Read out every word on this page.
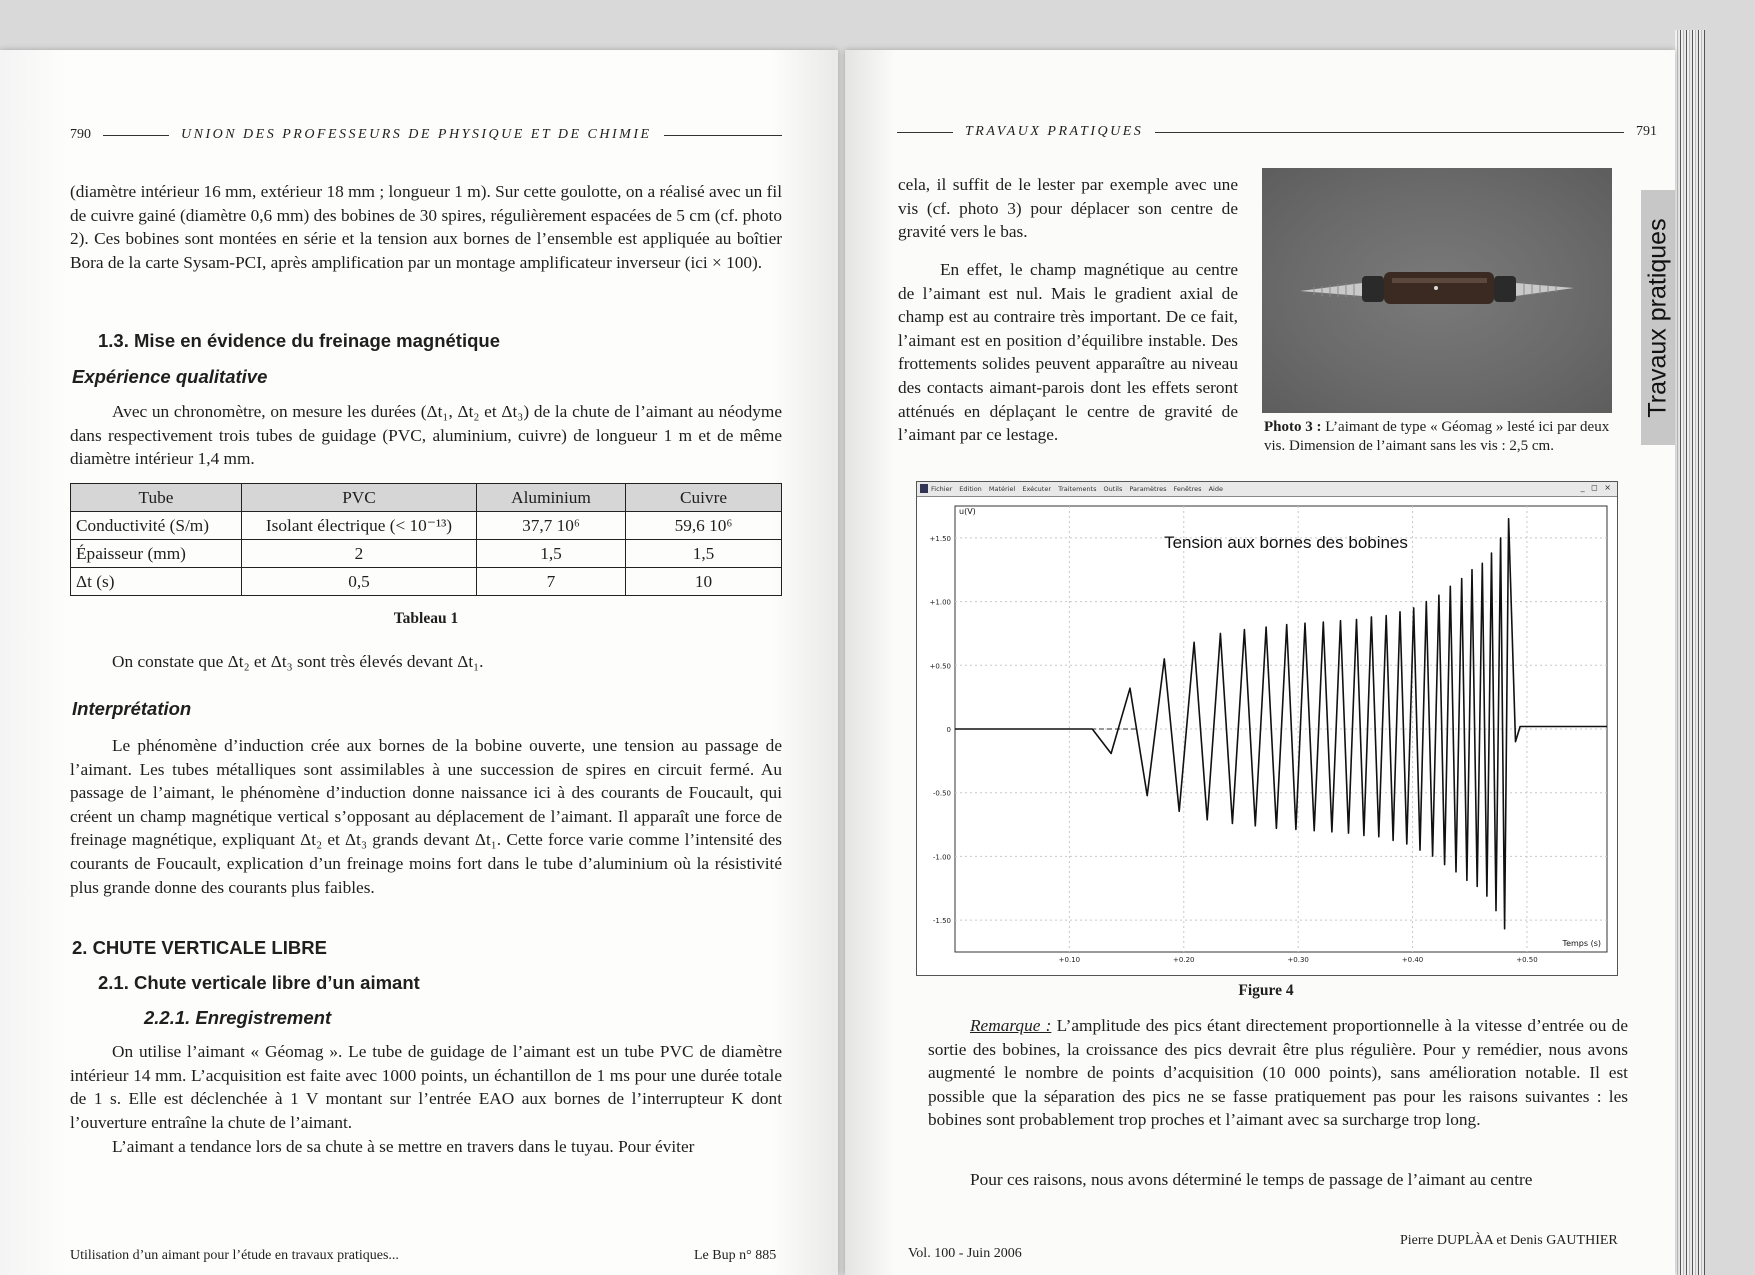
790	UNION DES PROFESSEURS DE PHYSIQUE ET DE CHIMIE

(diamètre intérieur 16 mm, extérieur 18 mm ; longueur 1 m). Sur cette goulotte, on a réalisé avec un fil de cuivre gainé (diamètre 0,6 mm) des bobines de 30 spires, régulièrement espacées de 5 cm (cf. photo 2). Ces bobines sont montées en série et la tension aux bornes de l’ensemble est appliquée au boîtier Bora de la carte Sysam-PCI, après amplification par un montage amplificateur inverseur (ici × 100).

1.3. Mise en évidence du freinage magnétique
Expérience qualitative

Avec un chronomètre, on mesure les durées (Δt₁, Δt₂ et Δt₃) de la chute de l’aimant au néodyme dans respectivement trois tubes de guidage (PVC, aluminium, cuivre) de longueur 1 m et de même diamètre intérieur 1,4 mm.

Tube	PVC	Aluminium	Cuivre
Conductivité (S/m)	Isolant électrique (< 10⁻¹³)	37,7 10⁶	59,6 10⁶
Épaisseur (mm)	2	1,5	1,5
Δt (s)	0,5	7	10
Tableau 1

On constate que Δt₂ et Δt₃ sont très élevés devant Δt₁.

Interprétation

Le phénomène d’induction crée aux bornes de la bobine ouverte, une tension au passage de l’aimant. Les tubes métalliques sont assimilables à une succession de spires en circuit fermé. Au passage de l’aimant, le phénomène d’induction donne naissance ici à des courants de Foucault, qui créent un champ magnétique vertical s’opposant au déplacement de l’aimant. Il apparaît une force de freinage magnétique, expliquant Δt₂ et Δt₃ grands devant Δt₁. Cette force varie comme l’intensité des courants de Foucault, explication d’un freinage moins fort dans le tube d’aluminium où la résistivité plus grande donne des courants plus faibles.

2. CHUTE VERTICALE LIBRE
2.1. Chute verticale libre d’un aimant
2.2.1. Enregistrement

On utilise l’aimant « Géomag ». Le tube de guidage de l’aimant est un tube PVC de diamètre intérieur 14 mm. L’acquisition est faite avec 1000 points, un échantillon de 1 ms pour une durée totale de 1 s. Elle est déclenchée à 1 V montant sur l’entrée EAO aux bornes de l’interrupteur K dont l’ouverture entraîne la chute de l’aimant.

L’aimant a tendance lors de sa chute à se mettre en travers dans le tuyau. Pour éviter

Utilisation d’un aimant pour l’étude en travaux pratiques...	Le Bup n° 885
TRAVAUX PRATIQUES	791
Travaux pratiques

cela, il suffit de le lester par exemple avec une vis (cf. photo 3) pour déplacer son centre de gravité vers le bas.

En effet, le champ magnétique au centre de l’aimant est nul. Mais le gradient axial de champ est au contraire très important. De ce fait, l’aimant est en position d’équilibre instable. Des frottements solides peuvent apparaître au niveau des contacts aimant-parois dont les effets seront atténués en déplaçant le centre de gravité de l’aimant par ce lestage.	Photo 3 : L’aimant de type « Géomag » lesté ici par deux vis. Dimension de l’aimant sans les vis : 2,5 cm.
Fichier Edition Matériel Exécuter Traitements Outils Paramètres Fenêtres Aide	_ ◻ ×
+1.50
+1.00
+0.50
0
-0.50
-1.00
-1.50
+0.10	+0.20	+0.30	+0.40	+0.50
u(V)
Temps (s)
Tension aux bornes des bobines
Figure 4

Remarque : L’amplitude des pics étant directement proportionnelle à la vitesse d’entrée ou de sortie des bobines, la croissance des pics devrait être plus régulière. Pour y remédier, nous avons augmenté le nombre de points d’acquisition (10 000 points), sans amélioration notable. Il est possible que la séparation des pics ne se fasse pratiquement pas pour les raisons suivantes : les bobines sont probablement trop proches et l’aimant avec sa surcharge trop long.

Pour ces raisons, nous avons déterminé le temps de passage de l’aimant au centre

Vol. 100 - Juin 2006
Pierre DUPLÀA et Denis GAUTHIER
